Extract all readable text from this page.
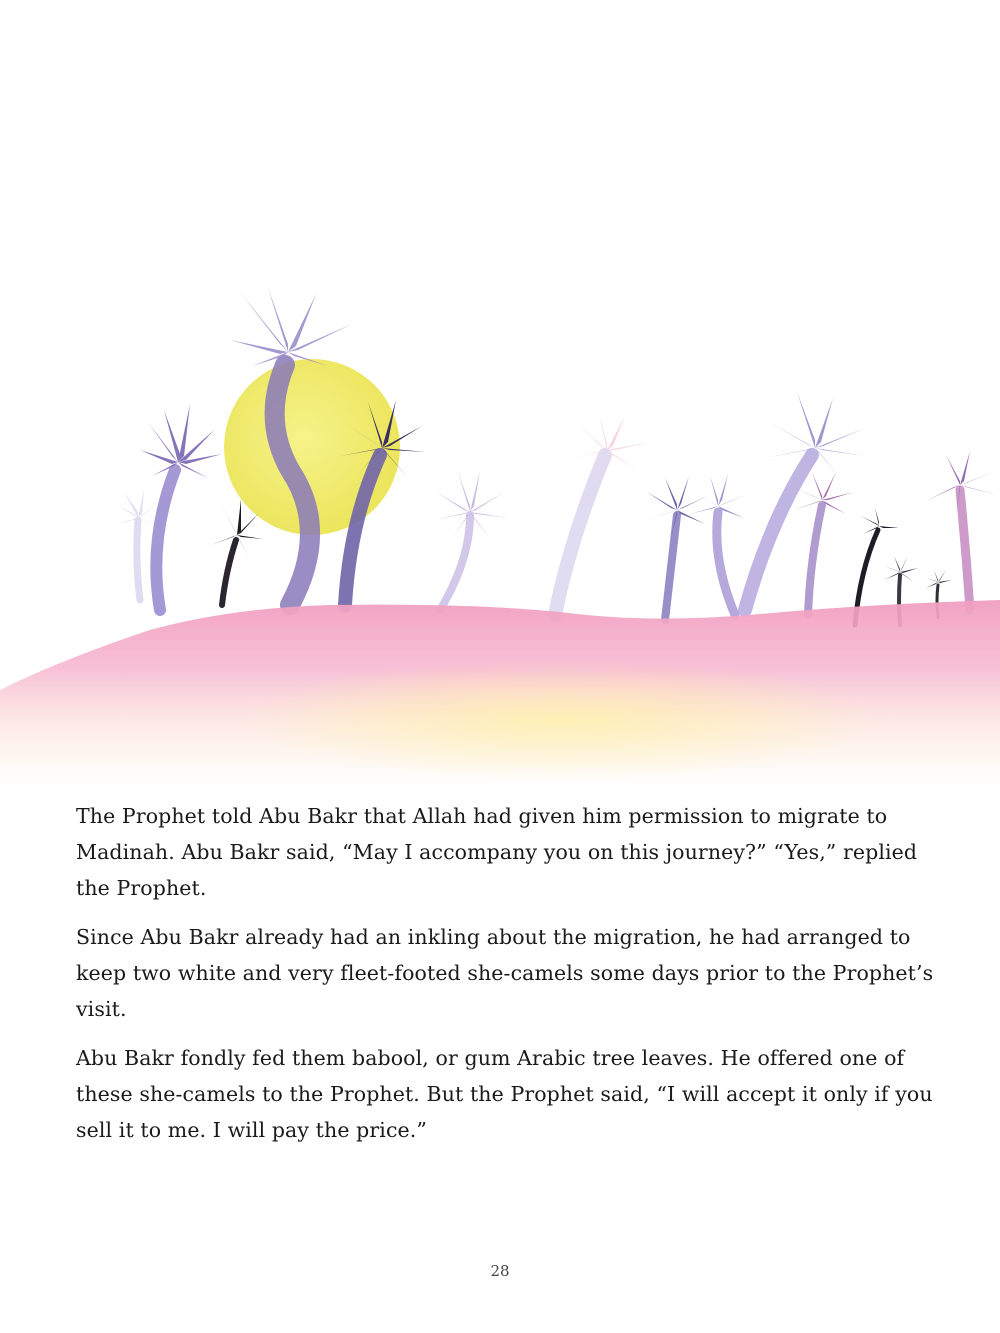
The Prophet told Abu Bakr that Allah had given him permission to migrate to Madinah. Abu Bakr said, “May I accompany you on this journey?” “Yes,” replied the Prophet.

Since Abu Bakr already had an inkling about the migration, he had arranged to keep two white and very fleet-footed she-camels some days prior to the Prophet’s visit.

Abu Bakr fondly fed them babool, or gum Arabic tree leaves. He offered one of these she-camels to the Prophet. But the Prophet said, “I will accept it only if you sell it to me. I will pay the price.”

28
